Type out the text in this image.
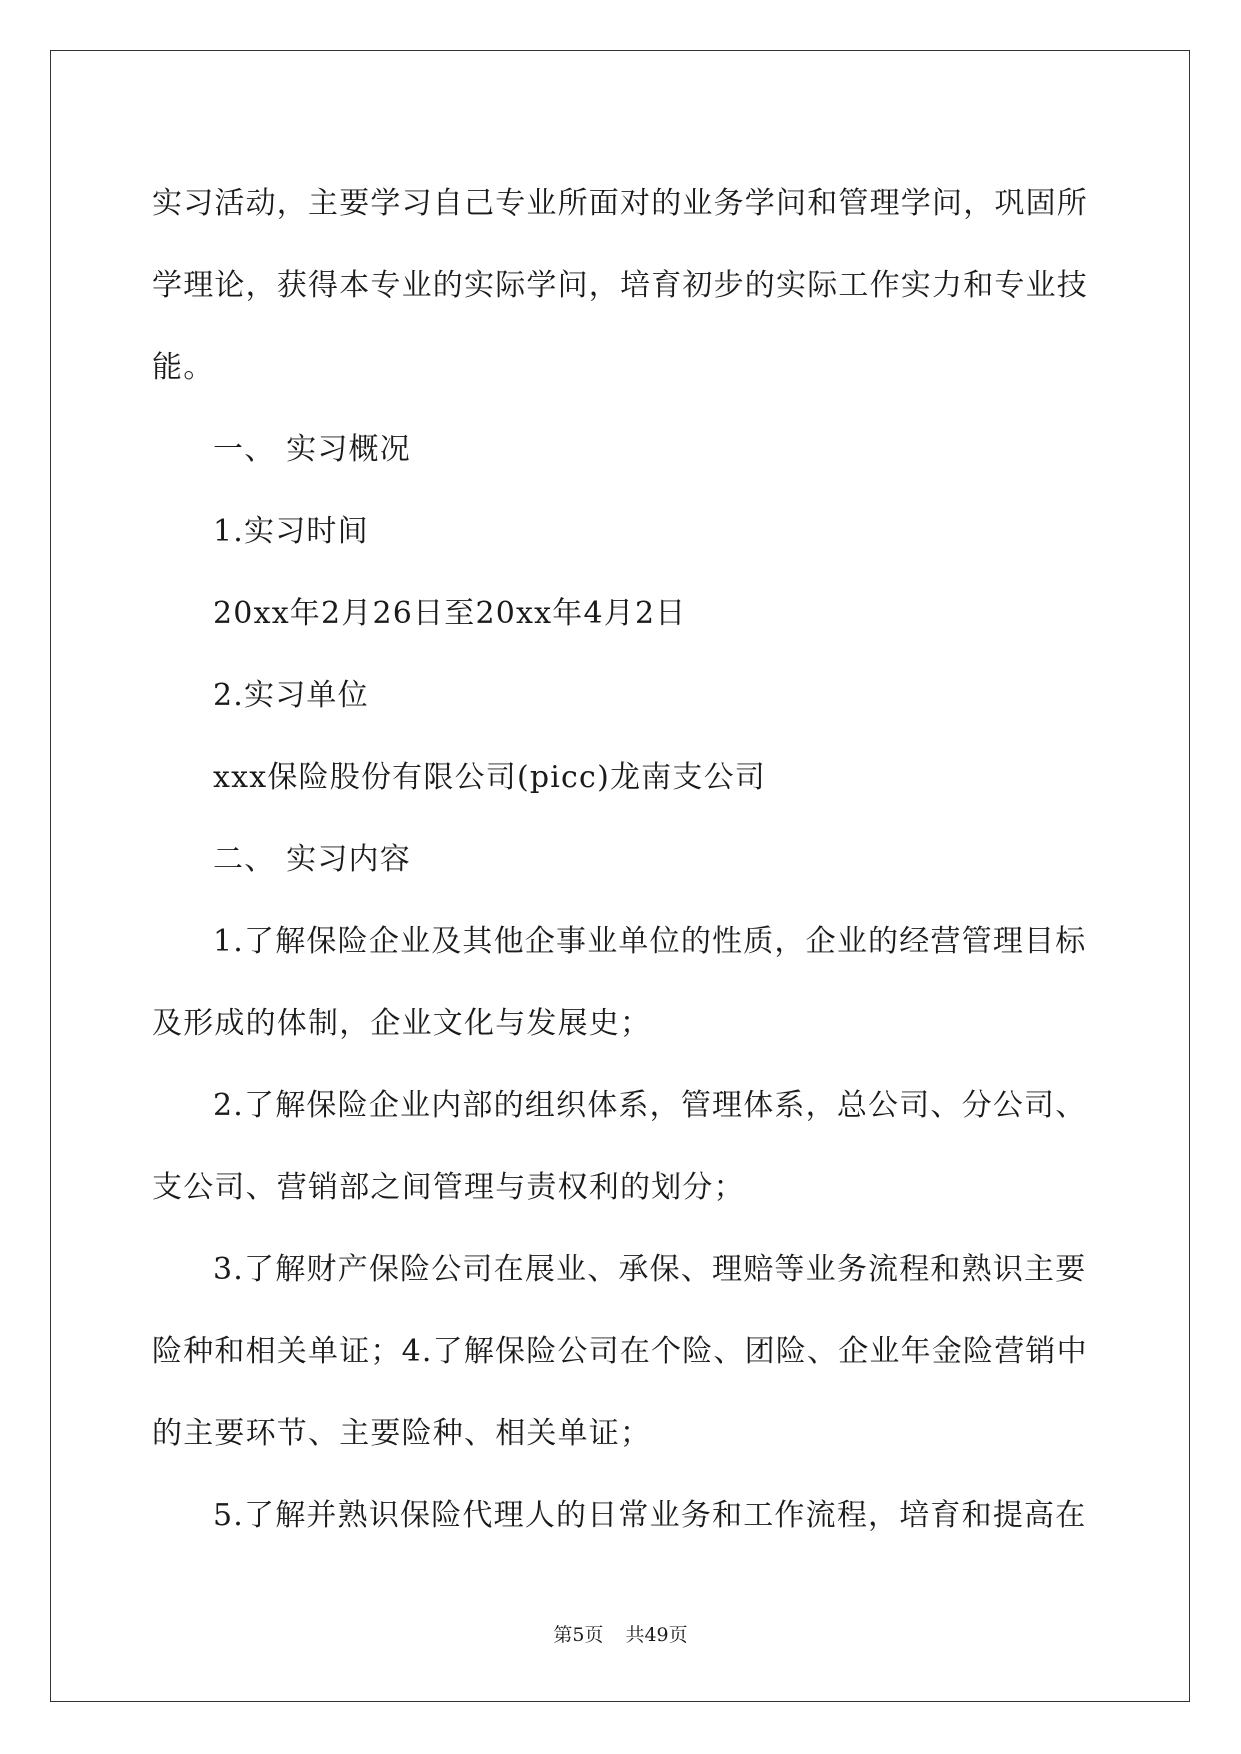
实习活动，主要学习自己专业所面对的业务学问和管理学问，巩固所

学理论，获得本专业的实际学问，培育初步的实际工作实力和专业技

能。

一、 实习概况

1.实习时间

20xx年2月26日至20xx年4月2日

2.实习单位

xxx保险股份有限公司(picc)龙南支公司

二、 实习内容

1.了解保险企业及其他企事业单位的性质，企业的经营管理目标

及形成的体制，企业文化与发展史；

2.了解保险企业内部的组织体系，管理体系，总公司、分公司、

支公司、营销部之间管理与责权利的划分；

3.了解财产保险公司在展业、承保、理赔等业务流程和熟识主要

险种和相关单证；4.了解保险公司在个险、团险、企业年金险营销中

的主要环节、主要险种、相关单证；

5.了解并熟识保险代理人的日常业务和工作流程，培育和提高在

第5页 共49页
